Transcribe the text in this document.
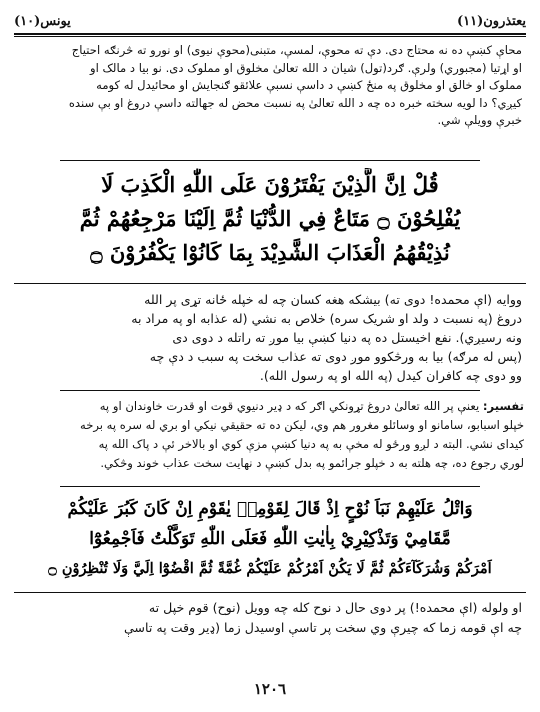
يعتذرون(١١)
يونس(١٠)
محاې کښې ده نه محتاج دی. دې ته محوې، لمسې، متبنی(محوې نیوی) او نورو ته څرنګه احتیاج
او اړتیا (مجبوري) ولرې. ګرد(تول) شیان د الله تعالیٰ مخلوق او مملوک دی. نو بیا د مالک او
مملوک او خالق او مخلوق په منځ کښې د داسې نسبې علائقو ګنجایش او محائیدل له کومه
کیږي؟ دا لویه سخته خبره ده چه د الله تعالیٰ په نسبت محض له جهالته داسې دروغ او بې سنده
خبرې وویلې شي.
قُلْ اِنَّ الَّذِيْنَ يَفْتَرُوْنَ عَلَى اللّٰهِ الْكَذِبَ لَا
يُفْلِحُوْنَ ۝ مَتَاعٌ فِي الدُّنْيَا ثُمَّ اِلَيْنَا مَرْجِعُهُمْ ثُمَّ
نُذِيْقُهُمُ الْعَذَابَ الشَّدِيْدَ بِمَا كَانُوْا يَكْفُرُوْنَ ۝
ووایه (اې محمده! دوی ته) بیشکه هغه کسان چه له خپله ځانه تړی پر الله
دروغ (په نسبت د ولد او شریک سره) خلاص به نشي (له عذابه او په مراد به
ونه رسیږي). نفع اخیستل ده په دنیا کښې بیا موږ ته راتله د دوی دی
(پس له مرګه) بیا به ورڅکوو موږ دوی ته عذاب سخت په سبب د دې چه
وو دوی چه کافران کیدل (په الله او په رسول الله).
تفسیر: یعنې پر الله تعالیٰ دروغ تړونکي اګر که د ډیر دنیوي قوت او قدرت خاوندان او په
خپلو اسبابو، سامانو او وسائلو مغرور هم وي، لیکن ده ته حقیقي نیکي او بري له سره په برخه
کیدای نشي. البته د لږو ورځو له مخې به په دنیا کښې مزې کوي او بالاخر ئې د پاک الله په
لوري رجوع ده، چه هلته به د خپلو جرائمو په بدل کښې د نهایت سخت عذاب خوند وڅکي.
وَاتْلُ عَلَيْهِمْ نَبَاَ نُوْحٍ اِذْ قَالَ لِقَوْمِهٖ يٰقَوْمِ اِنْ كَانَ كَبُرَ عَلَيْكُمْ
مَّقَامِيْ وَتَذْكِيْرِيْ بِاٰيٰتِ اللّٰهِ فَعَلَى اللّٰهِ تَوَكَّلْتُ فَاَجْمِعُوْٓا
اَمْرَكُمْ وَشُرَكَآءَكُمْ ثُمَّ لَا يَكُنْ اَمْرُكُمْ عَلَيْكُمْ غُمَّةً ثُمَّ اقْضُوْٓا اِلَيَّ وَلَا تُنْظِرُوْنِ ۝
او ولوله (اې محمده!) پر دوی حال د نوح کله چه وویل (نوح) قوم خپل ته
چه اې قومه زما که چیرې وي سخت پر تاسې اوسیدل زما (ډیر وقت په تاسې
١٢٠٦
